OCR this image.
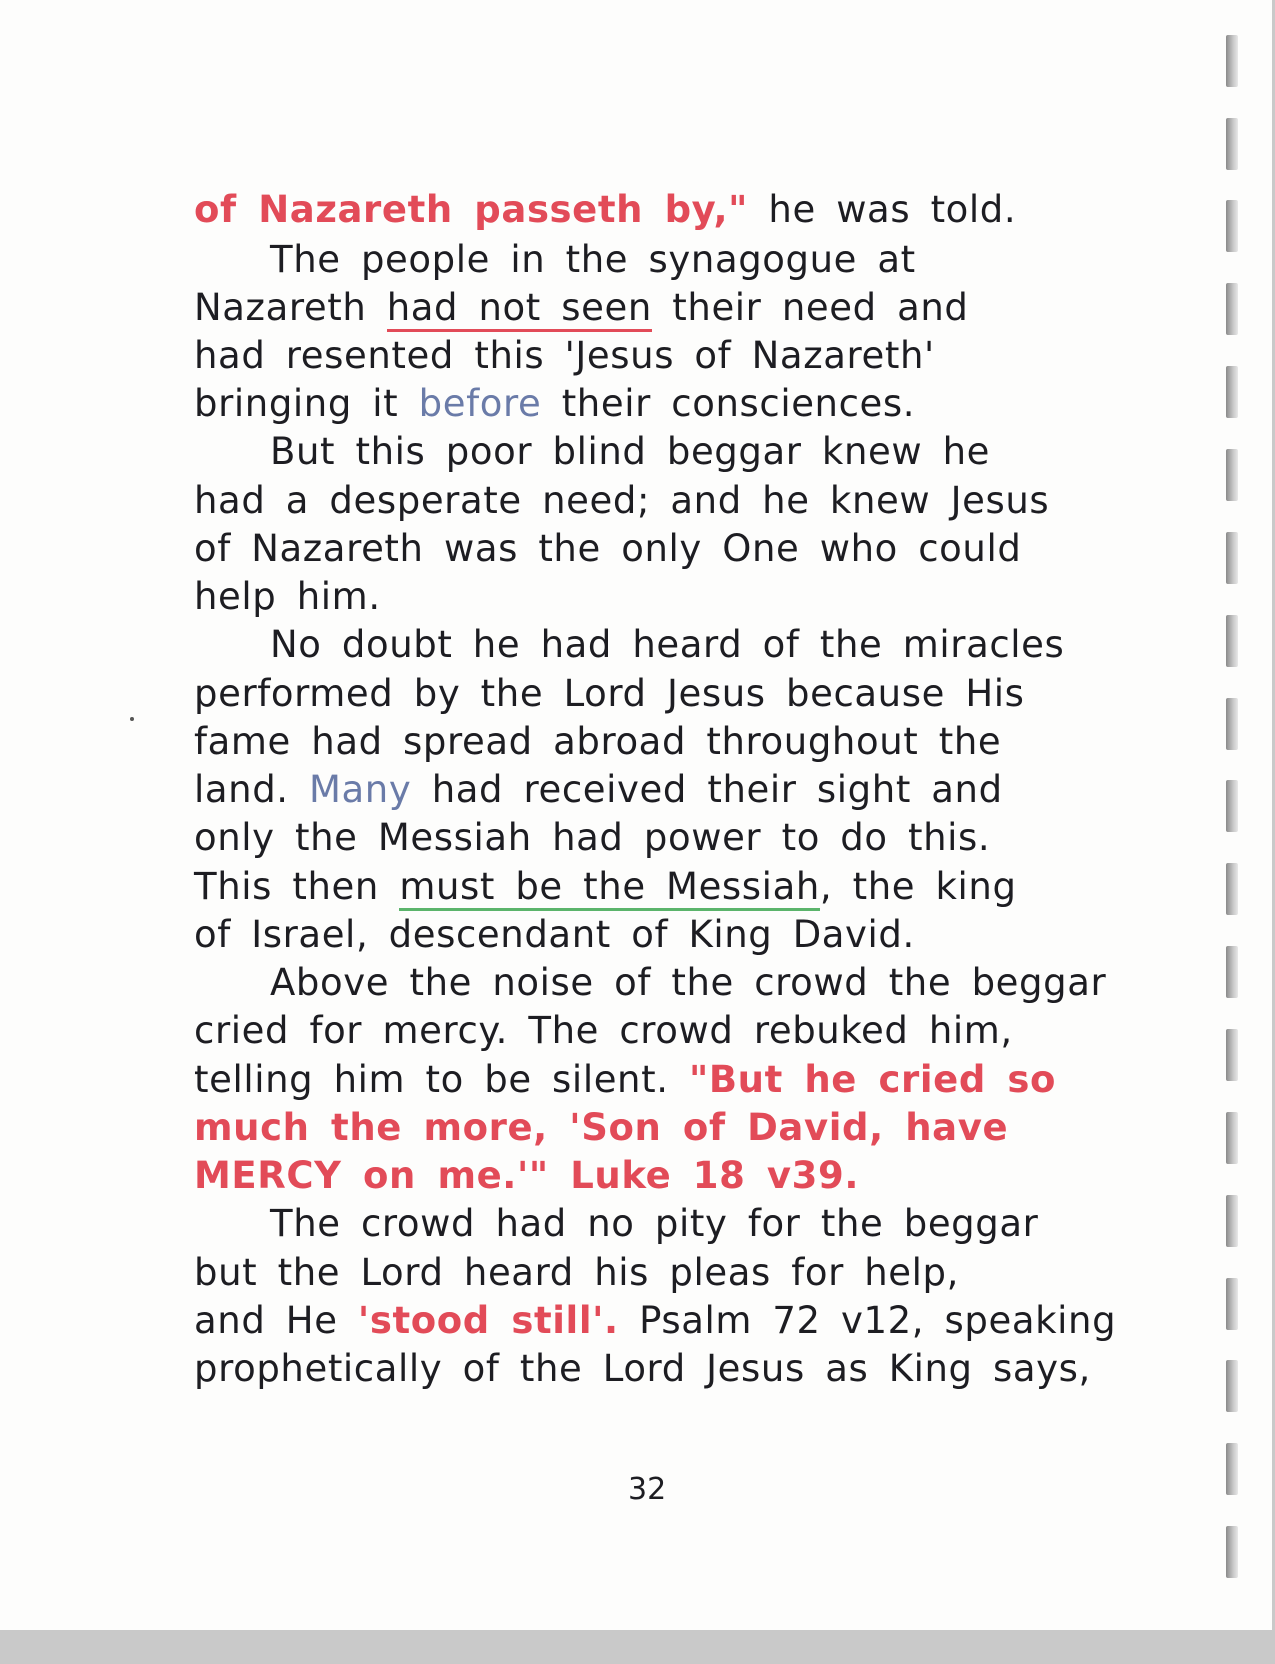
of Nazareth passeth by," he was told.
The people in the synagogue at
Nazareth had not seen their need and
had resented this 'Jesus of Nazareth'
bringing it before their consciences.
But this poor blind beggar knew he
had a desperate need; and he knew Jesus
of Nazareth was the only One who could
help him.
No doubt he had heard of the miracles
performed by the Lord Jesus because His
fame had spread abroad throughout the
land. Many had received their sight and
only the Messiah had power to do this.
This then must be the Messiah, the king
of Israel, descendant of King David.
Above the noise of the crowd the beggar
cried for mercy. The crowd rebuked him,
telling him to be silent. "But he cried so
much the more, 'Son of David, have
MERCY on me.'" Luke 18 v39.
The crowd had no pity for the beggar
but the Lord heard his pleas for help,
and He 'stood still'. Psalm 72 v12, speaking
prophetically of the Lord Jesus as King says,
32
